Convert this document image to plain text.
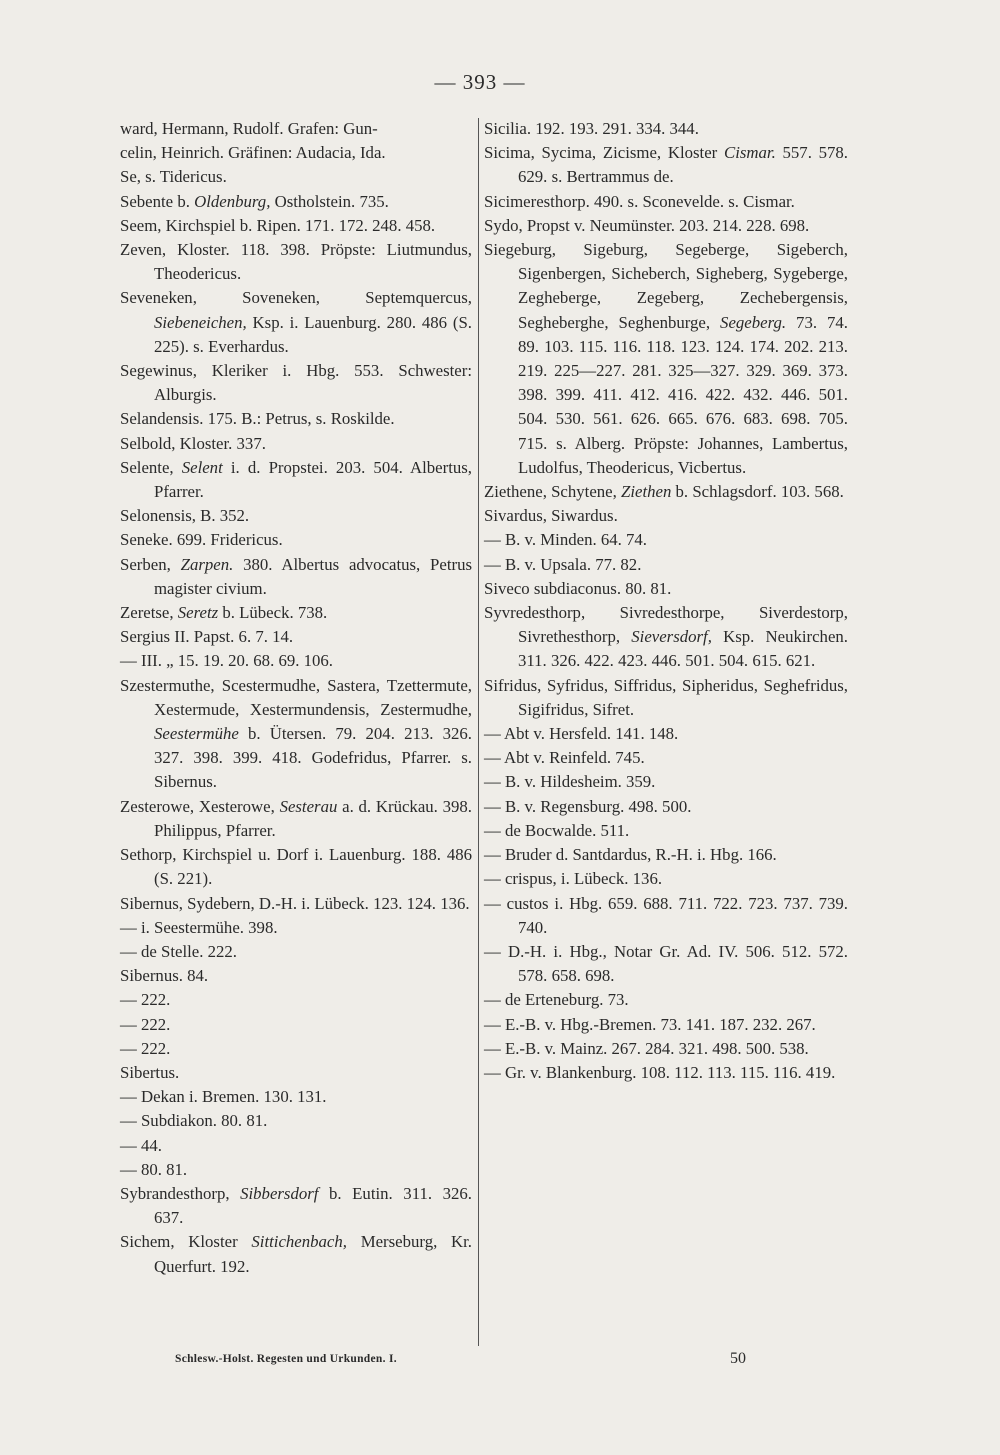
— 393 —
ward, Hermann, Rudolf. Grafen: Gun-
celin, Heinrich. Gräfinen: Audacia, Ida.
Se, s. Tidericus.
Sebente b. Oldenburg, Ostholstein. 735.
Seem, Kirchspiel b. Ripen. 171. 172. 248. 458.
Zeven, Kloster. 118. 398. Pröpste: Liutmundus, Theodericus.
Seveneken, Soveneken, Septemquercus, Siebeneichen, Ksp. i. Lauenburg. 280. 486 (S. 225). s. Everhardus.
Segewinus, Kleriker i. Hbg. 553. Schwester: Alburgis.
Selandensis. 175. B.: Petrus, s. Roskilde.
Selbold, Kloster. 337.
Selente, Selent i. d. Propstei. 203. 504. Albertus, Pfarrer.
Selonensis, B. 352.
Seneke. 699. Fridericus.
Serben, Zarpen. 380. Albertus advocatus, Petrus magister civium.
Zeretse, Seretz b. Lübeck. 738.
Sergius II. Papst. 6. 7. 14.
— III. „ 15. 19. 20. 68. 69. 106.
Szestermuthe, Scestermudhe, Sastera, Tzettermute, Xestermude, Xestermundensis, Zestermudhe, Seestermühe b. Ütersen. 79. 204. 213. 326. 327. 398. 399. 418. Godefridus, Pfarrer. s. Sibernus.
Zesterowe, Xesterowe, Sesterau a. d. Krückau. 398. Philippus, Pfarrer.
Sethorp, Kirchspiel u. Dorf i. Lauenburg. 188. 486 (S. 221).
Sibernus, Sydebern, D.-H. i. Lübeck. 123. 124. 136.
— i. Seestermühe. 398.
— de Stelle. 222.
Sibernus. 84.
— 222.
— 222.
— 222.
Sibertus.
— Dekan i. Bremen. 130. 131.
— Subdiakon. 80. 81.
— 44.
— 80. 81.
Sybrandesthorp, Sibbersdorf b. Eutin. 311. 326. 637.
Sichem, Kloster Sittichenbach, Merseburg, Kr. Querfurt. 192.
Sicilia. 192. 193. 291. 334. 344.
Sicima, Sycima, Zicisme, Kloster Cismar. 557. 578. 629. s. Bertrammus de.
Sicimeresthorp. 490. s. Sconevelde. s. Cismar.
Sydo, Propst v. Neumünster. 203. 214. 228. 698.
Siegeburg, Sigeburg, Segeberge, Sigeberch, Sigenbergen, Sicheberch, Sigheberg, Sygeberge, Zegheberge, Zegeberg, Zechebergensis, Segheberghe, Seghenburge, Segeberg. 73. 74. 89. 103. 115. 116. 118. 123. 124. 174. 202. 213. 219. 225—227. 281. 325—327. 329. 369. 373. 398. 399. 411. 412. 416. 422. 432. 446. 501. 504. 530. 561. 626. 665. 676. 683. 698. 705. 715. s. Alberg. Pröpste: Johannes, Lambertus, Ludolfus, Theodericus, Vicbertus.
Ziethene, Schytene, Ziethen b. Schlagsdorf. 103. 568.
Sivardus, Siwardus.
— B. v. Minden. 64. 74.
— B. v. Upsala. 77. 82.
Siveco subdiaconus. 80. 81.
Syvredesthorp, Sivredesthorpe, Siverdestorp, Sivrethesthorp, Sieversdorf, Ksp. Neukirchen. 311. 326. 422. 423. 446. 501. 504. 615. 621.
Sifridus, Syfridus, Siffridus, Sipheridus, Seghefridus, Sigifridus, Sifret.
— Abt v. Hersfeld. 141. 148.
— Abt v. Reinfeld. 745.
— B. v. Hildesheim. 359.
— B. v. Regensburg. 498. 500.
— de Bocwalde. 511.
— Bruder d. Santdardus, R.-H. i. Hbg. 166.
— crispus, i. Lübeck. 136.
— custos i. Hbg. 659. 688. 711. 722. 723. 737. 739. 740.
— D.-H. i. Hbg., Notar Gr. Ad. IV. 506. 512. 572. 578. 658. 698.
— de Erteneburg. 73.
— E.-B. v. Hbg.-Bremen. 73. 141. 187. 232. 267.
— E.-B. v. Mainz. 267. 284. 321. 498. 500. 538.
— Gr. v. Blankenburg. 108. 112. 113. 115. 116. 419.
Schlesw.-Holst. Regesten und Urkunden. I.	50
